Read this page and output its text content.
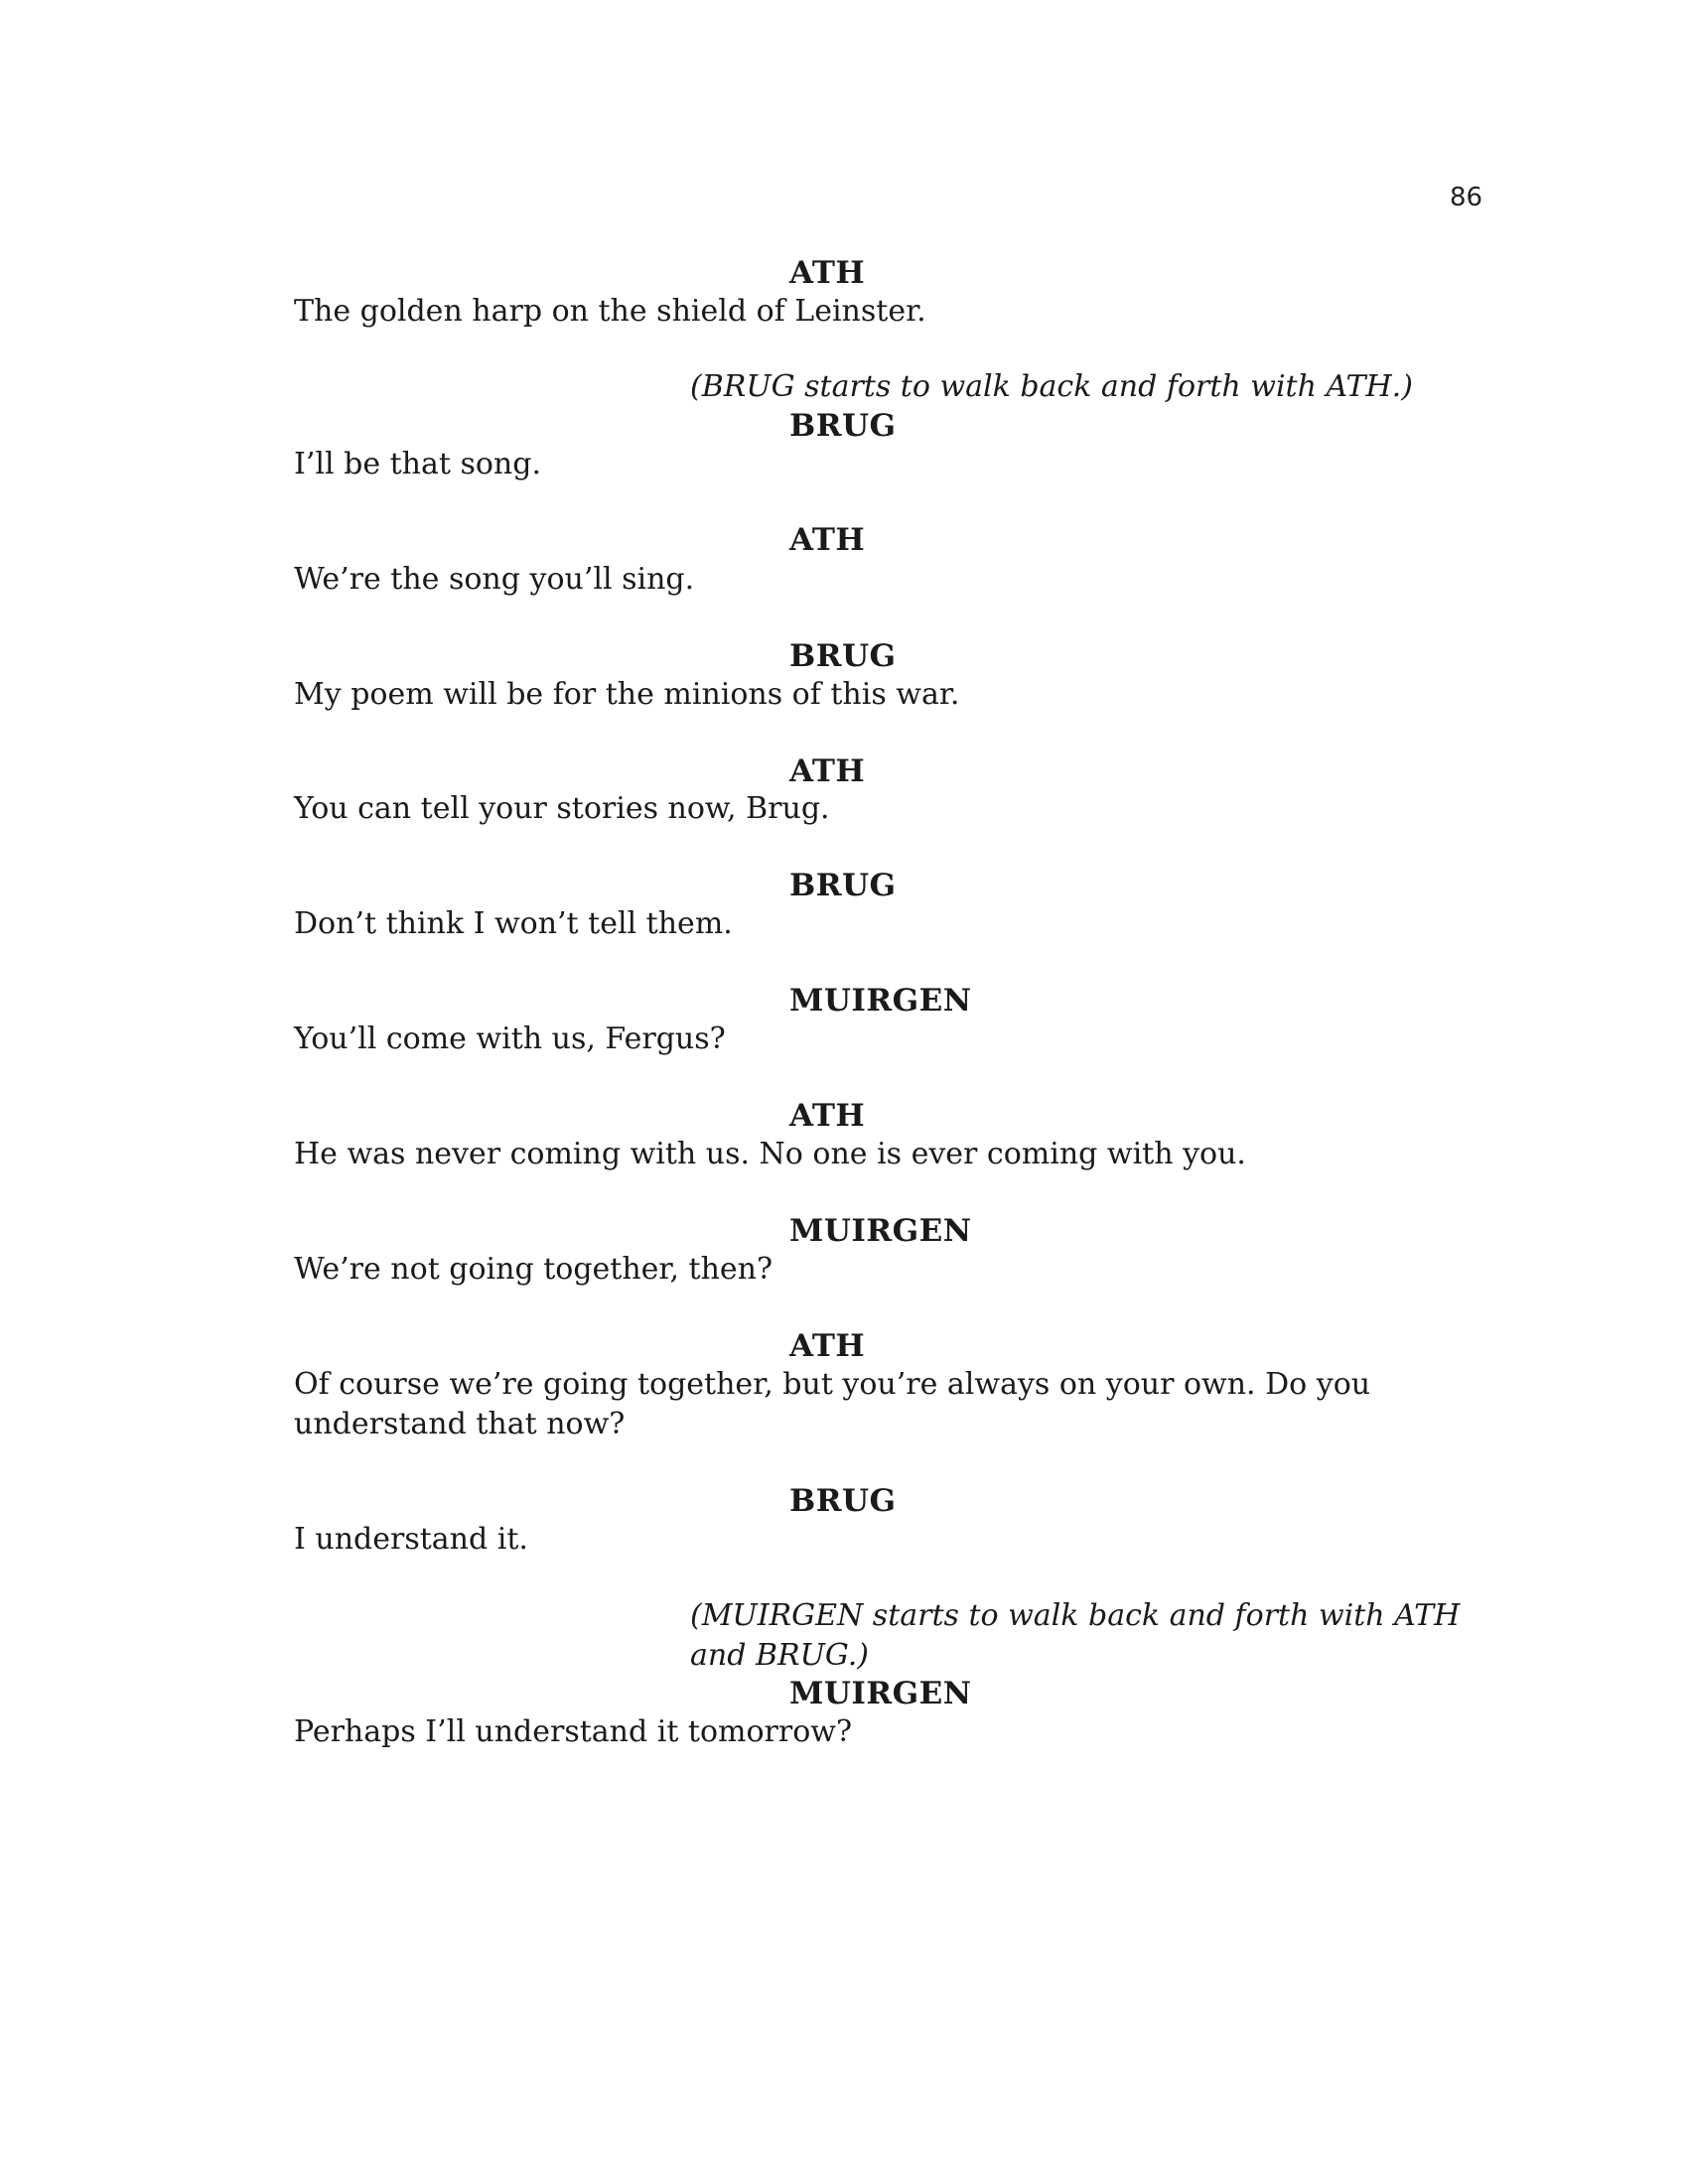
86
ATH
The golden harp on the shield of Leinster.
(BRUG starts to walk back and forth with ATH.)
BRUG
I’ll be that song.
ATH
We’re the song you’ll sing.
BRUG
My poem will be for the minions of this war.
ATH
You can tell your stories now, Brug.
BRUG
Don’t think I won’t tell them.
MUIRGEN
You’ll come with us, Fergus?
ATH
He was never coming with us. No one is ever coming with you.
MUIRGEN
We’re not going together, then?
ATH
Of course we’re going together, but you’re always on your own. Do you
understand that now?
BRUG
I understand it.
(MUIRGEN starts to walk back and forth with ATH
and BRUG.)
MUIRGEN
Perhaps I’ll understand it tomorrow?
